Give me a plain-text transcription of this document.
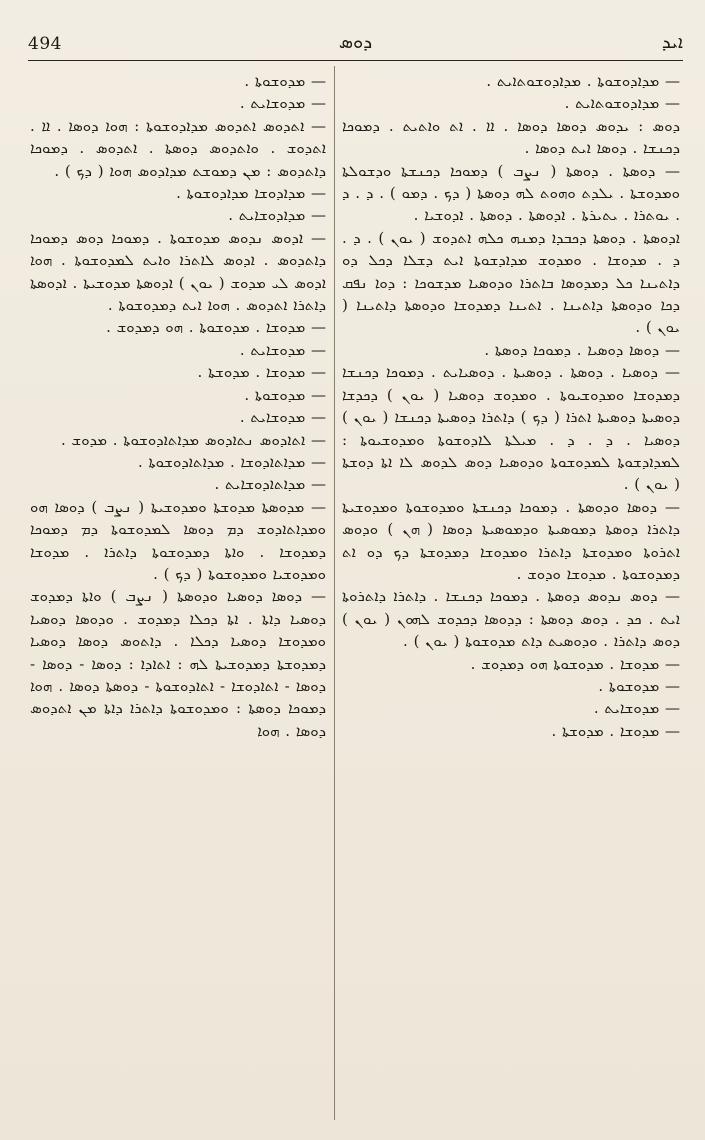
494	ܕܘܣ	ܐܝܕ

— ܡܕܐܕܘܫܘܬܐ . ܡܕܐܕܘܫܘܬܐܝܬ .

— ܡܕܐܕܘܫܘܬܐܝܬ .

ܕܘܣ : ܝܕܘܣ ܕܘܣܐ ܕܘܣܐ . ܐܐ . ܐܬ ܘܐܬܝܬ . ܕܡܘܟܐ ܕܟܢܫܐ . ܕܘܣܐ ܐܝܬ ܕܘܣܐ .

— ܕܘܣܬܐ . ܕܘܣܬܐ ( ܢܨܒ ) ܕܡܘܟܐ ܕܟܢܫܬܐ ܘܕܫܘܠܬܐ ܘܡܕܘܫܬܐ . ܝܠܕܬ ܘܗܘܬ ܠܗ ܕܘܣܬܐ ( ܕܟ . ܕܡܘ ) . ܕ . ܕ . ܝܘܬܪܐ . ܝܬܝܪܬܐ . ܐܕܘܣܬܐ . ܕܘܣܬܐ . ܐܕܘܫܝܐ .

ܐܕܘܣܬܐ . ܕܘܣܬܐ ܕܟܒܕܐ ܕܡܢܗ ܟܠܗ ܐܬܕܘܫ ( ܝܘܢ ) . ܕ . ܕ . ܡܕܘܫܐ . ܘܡܕܘܫ ܡܕܐܕܫܘܬܐ ܐܝܬ ܕܫܠܐ ܕܟܠ ܕܘ ܕܐܬܝܢܐ ܟܠ ܕܡܕܘܣܐ ܒܐܬܪܐ ܘܕܘܣܝܐ ܡܕܫܘܟܐ : ܕܘܐ ܢܦܩ ܕܟܐ ܘܕܘܣܬܐ ܕܐܬܝܢܐ . ܐܬܝܢܐ ܕܡܕܘܫܐ ܘܕܘܣܬܐ ܕܐܬܝܢܐ ( ܝܘܢ ) .

— ܕܘܣܐ ܕܘܣܝܐ . ܕܡܘܟܐ ܕܘܣܬܐ .

— ܕܘܣܝܐ . ܕܘܣܬܐ . ܕܘܣܝܬܐ . ܕܘܣܝܐܝܬ . ܕܡܘܟܐ ܕܟܢܫܐ ܕܡܕܘܫܐ ܘܡܕܘܫܝܘܬܐ . ܘܡܕܘܫ ܕܘܣܝܐ ( ܝܘܢ ) ܕܟܕܫܐ ܕܘܣܝܬܐ ܕܘܣܝܬܐ ܐܬܪܐ ( ܕܟ ) ܕܐܬܪܐ ܕܘܣܝܬܐ ܕܟܢܫܐ ( ܝܘܢ ) ܕܘܣܝܐ . ܕ . ܕ . ܡܝܠܬܐ ܠܐܕܘܫܘܬܐ ܘܡܕܘܫܝܘܬܐ : ܠܡܕܐܕܫܘܬܐ ܠܡܕܘܫܘܬܐ ܘܕܘܣܝܐ ܕܘܣ ܠܕܘܣ ܠܐ ܐܬܐ ܕܘܫܬܐ ( ܝܘܢ ) .

— ܕܘܣܐ ܘܕܘܣܬܐ . ܕܡܘܟܐ ܕܟܢܫܬܐ ܘܡܕܘܫܘܬܐ ܘܡܕܘܫܝܬܐ ܕܐܬܪܐ ܕܘܣܬܐ ܕܡܘܣܝܬܐ ܘܕܡܘܣܝܬܐ ܕܘܣܐ ( ܗܢ ) ܘܕܘܣ ܐܬܪܘܬܐ ܘܡܕܘܫܬܐ ܕܐܬܪܐ ܘܡܕܘܫܐ ܕܡܕܘܫܬܐ ܕܟ ܕܘ ܐܬ ܕܡܕܘܫܘܬܐ . ܡܕܘܫܐ ܘܕܘܫ .

— ܕܘܣ ܢܕܘܣ ܕܘܣܬܐ . ܕܡܘܟܐ ܕܟܢܫܐ . ܕܐܬܪܐ ܕܐܬܪܘܬܐ ܐܝܬ . ܟܕ . ܕܘܣ ܕܘܣܬܐ : ܕܕܘܣܐ ܕܟܕܘܫ ܠܗܘܢ ( ܝܘܢ ) ܕܘܣ ܕܐܬܪܐ . ܘܕܘܣܝܬ ܕܐܬ ܡܕܘܫܘܬܐ ( ܝܘܢ ) .

— ܡܕܘܫܐ . ܡܕܘܫܘܬܐ ܗܘ ܕܡܕܘܫ .

— ܡܕܘܫܘܬܐ .

— ܡܕܘܫܐܝܬ .

— ܡܕܘܫܐ . ܡܕܘܫܬܐ .

— ܡܕܘܫܘܬܐ .

— ܡܕܘܫܐܝܬ .

— ܐܬܕܘܣ ܐܬܕܘܣ ܡܕܐܕܘܫܘܬܐ : ܗܘܐ ܕܘܣܐ . ܐܐ . ܐܬܕܘܫ . ܘܐܬܕܘܣ ܕܘܣܬܐ . ܐܬܕܘܣ . ܕܡܘܟܐ ܕܐܬܕܘܣ : ܡܢ ܕܡܘܫܬ ܡܕܐܕܘܣ ܗܘܐ ( ܕܟ ) .

— ܡܕܐܕܘܫܐ ܡܕܐܕܘܫܘܬܐ .

— ܡܕܐܕܘܫܐܝܬ .

— ܐܕܘܣ ܢܕܘܣ ܡܕܘܫܘܬܐ . ܕܡܘܟܐ ܕܘܣ ܕܡܘܟܐ ܕܐܬܕܘܣ . ܐܕܘܣ ܠܐܬܪܐ ܘܐܝܬ ܠܡܕܘܫܘܬܐ . ܗܘܐ ܐܕܘܣ ܠܝ ܡܕܘܫ ( ܝܘܢ ) ܐܕܘܣܬܐ ܡܕܘܫܝܬܐ . ܐܕܘܣܬܐ ܕܐܬܪܐ ܐܬܕܘܣ . ܗܘܐ ܐܝܬ ܕܡܕܘܫܘܬܐ .

— ܡܕܘܫܐ . ܡܕܘܫܘܬܐ . ܗܘ ܕܡܕܘܫ .

— ܡܕܘܫܐܝܬ .

— ܡܕܘܫܐ . ܡܕܘܫܬܐ .

— ܡܕܘܫܘܬܐ .

— ܡܕܘܫܐܝܬ .

— ܐܬܐܕܘܣ ܢܬܐܕܘܣ ܡܕܐܬܐܕܘܫܘܬܐ . ܡܕܘܫ .

— ܡܕܐܬܐܕܘܫܐ . ܡܕܐܬܐܕܘܫܘܬܐ .

— ܡܕܐܬܐܕܘܫܐܝܬ .

— ܡܕܘܣܬܐ ܡܕܘܫܬܐ ܘܡܕܘܫܝܬܐ ( ܢܨܒ ) ܕܘܣܐ ܗܘ ܘܡܕܐܬܐܕܘܫ ܕܡ ܕܘܣܐ ܠܡܕܘܫܘܬܐ ܕܡ ܕܡܘܟܐ ܕܡܕܘܫܐ . ܘܐܬܐ ܕܡܕܘܫܘܬܐ ܕܐܬܪܐ . ܡܕܘܫܐ ܘܡܕܘܫܝܐ ܘܡܕܘܫܘܬܐ ( ܕܟ ) .

— ܕܘܣܐ ܕܘܣܝܐ ܘܕܘܣܬܐ ( ܢܨܒ ) ܘܐܬܐ ܕܡܕܘܫ ܕܘܣܝܐ ܕܐܬܐ . ܐܬܐ ܕܟܠܐ ܕܡܕܘܫ . ܘܕܘܣܐ ܕܘܣܝܐ ܘܡܕܘܫܐ ܕܘܣܝܐ ܕܟܠܐ . ܕܐܬܘܣ ܕܘܣܐ ܕܘܣܝܐ ܕܡܕܘܫܬܐ ܕܡܕܘܫܝܬܐ ܠܗ : ܐܬܐܕܐ : ܕܘܣܐ - ܕܘܣܐ - ܕܘܣܐ - ܐܬܐܕܘܫܐ - ܐܬܐܕܘܫܘܬܐ - ܕܘܣܬܐ ܕܘܣܐ . ܗܘܐ ܕܡܘܟܐ ܕܘܣܬܐ : ܘܡܕܘܫܘܬܐ ܕܐܬܪܐ ܕܐܬܐ ܡܢ ܐܬܕܘܣ ܕܘܣܐ . ܗܘܐ
